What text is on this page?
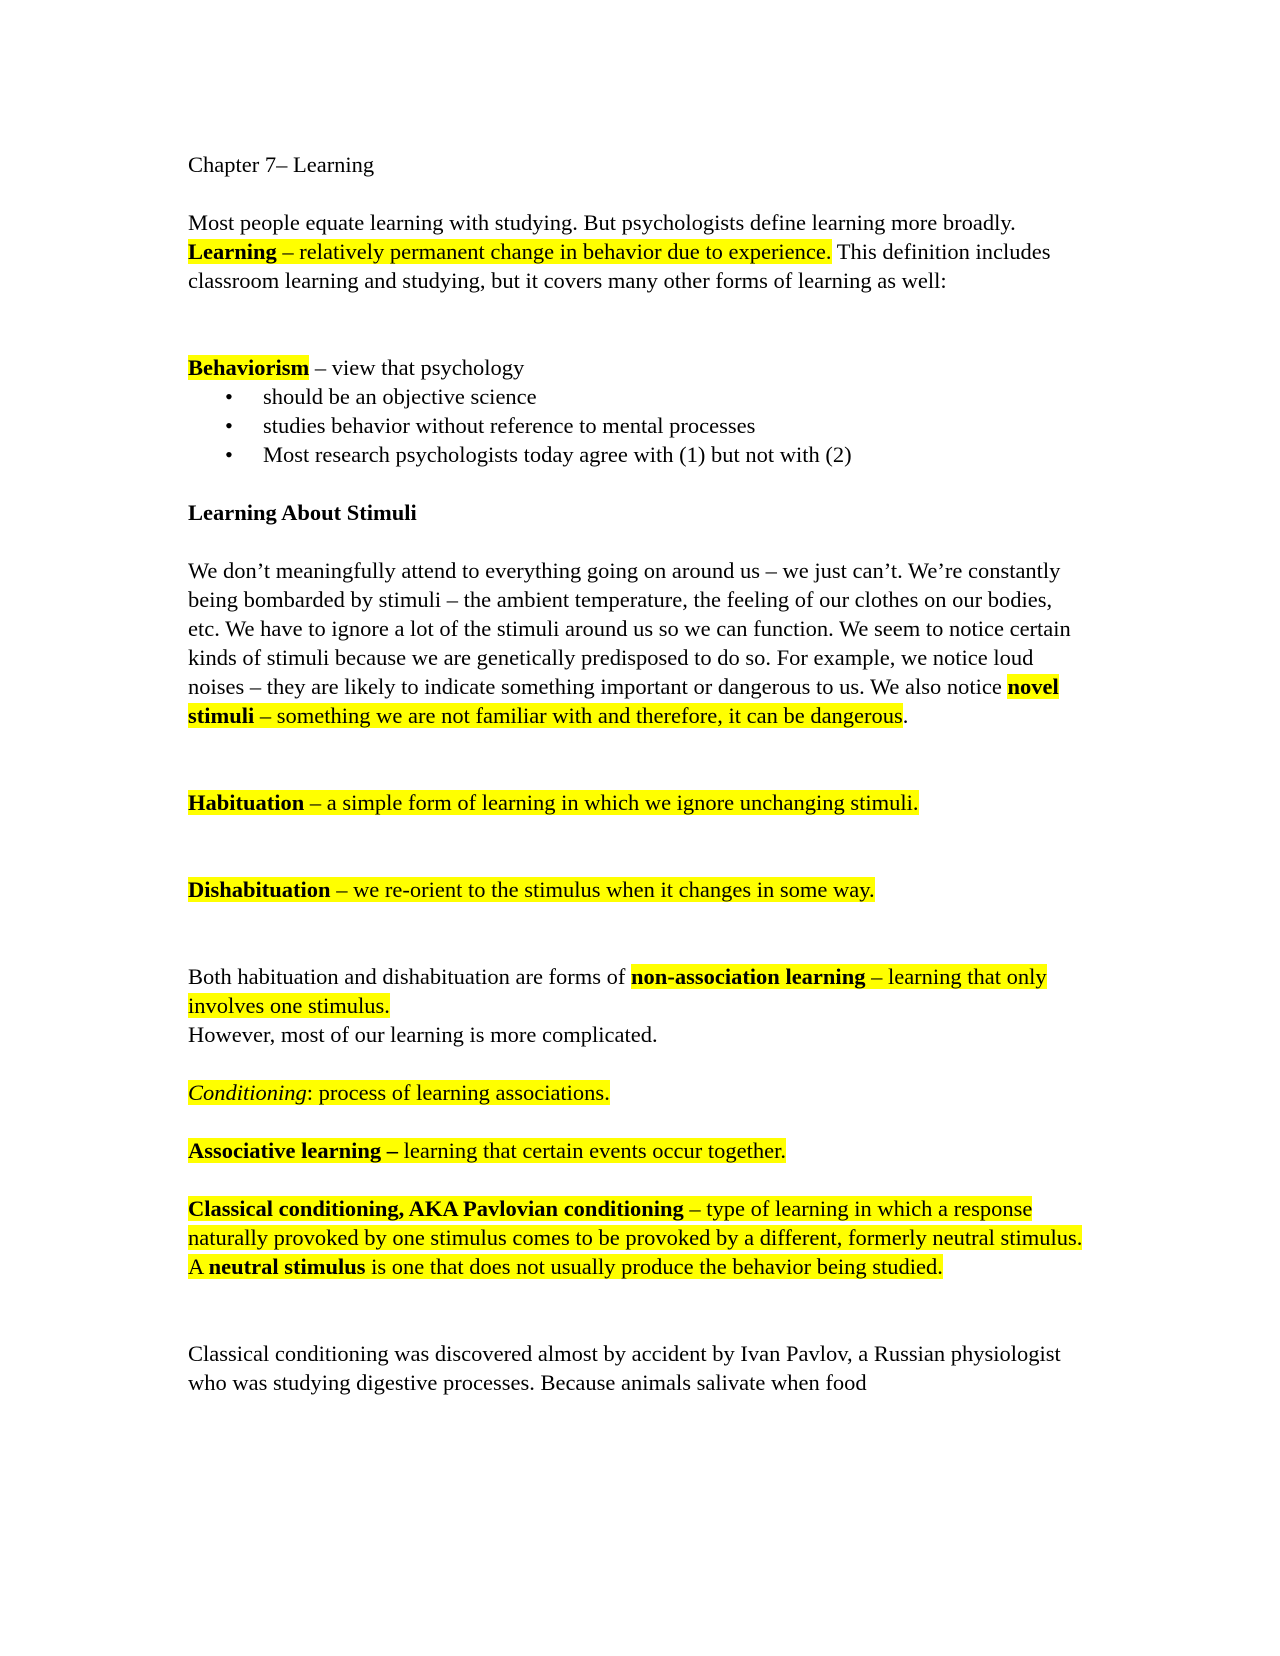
Chapter 7– Learning

Most people equate learning with studying. But psychologists define learning more broadly. Learning – relatively permanent change in behavior due to experience. This definition includes classroom learning and studying, but it covers many other forms of learning as well:

Behaviorism – view that psychology

• should be an objective science
• studies behavior without reference to mental processes
• Most research psychologists today agree with (1) but not with (2)
Learning About Stimuli

We don’t meaningfully attend to everything going on around us – we just can’t. We’re constantly being bombarded by stimuli – the ambient temperature, the feeling of our clothes on our bodies, etc. We have to ignore a lot of the stimuli around us so we can function. We seem to notice certain kinds of stimuli because we are genetically predisposed to do so. For example, we notice loud noises – they are likely to indicate something important or dangerous to us. We also notice novel stimuli – something we are not familiar with and therefore, it can be dangerous.

Habituation – a simple form of learning in which we ignore unchanging stimuli.

Dishabituation – we re-orient to the stimulus when it changes in some way.

Both habituation and dishabituation are forms of non-association learning – learning that only involves one stimulus.

However, most of our learning is more complicated.

Conditioning: process of learning associations.

Associative learning – learning that certain events occur together.

Classical conditioning, AKA Pavlovian conditioning – type of learning in which a response naturally provoked by one stimulus comes to be provoked by a different, formerly neutral stimulus. A neutral stimulus is one that does not usually produce the behavior being studied.

Classical conditioning was discovered almost by accident by Ivan Pavlov, a Russian physiologist who was studying digestive processes. Because animals salivate when food
